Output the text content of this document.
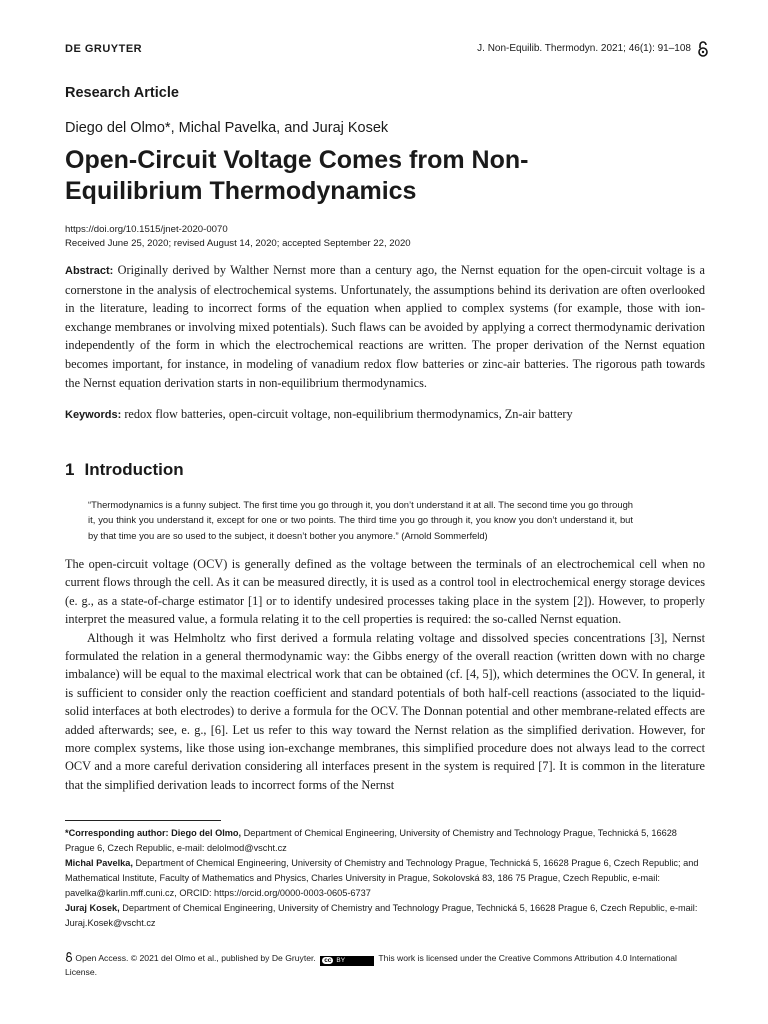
DE GRUYTER	J. Non-Equilib. Thermodyn. 2021; 46(1): 91–108
Research Article
Diego del Olmo*, Michal Pavelka, and Juraj Kosek
Open-Circuit Voltage Comes from Non-Equilibrium Thermodynamics
https://doi.org/10.1515/jnet-2020-0070
Received June 25, 2020; revised August 14, 2020; accepted September 22, 2020
Abstract: Originally derived by Walther Nernst more than a century ago, the Nernst equation for the open-circuit voltage is a cornerstone in the analysis of electrochemical systems. Unfortunately, the assumptions behind its derivation are often overlooked in the literature, leading to incorrect forms of the equation when applied to complex systems (for example, those with ion-exchange membranes or involving mixed potentials). Such flaws can be avoided by applying a correct thermodynamic derivation independently of the form in which the electrochemical reactions are written. The proper derivation of the Nernst equation becomes important, for instance, in modeling of vanadium redox flow batteries or zinc-air batteries. The rigorous path towards the Nernst equation derivation starts in non-equilibrium thermodynamics.
Keywords: redox flow batteries, open-circuit voltage, non-equilibrium thermodynamics, Zn-air battery
1 Introduction
“Thermodynamics is a funny subject. The first time you go through it, you don’t understand it at all. The second time you go through it, you think you understand it, except for one or two points. The third time you go through it, you know you don’t understand it, but by that time you are so used to the subject, it doesn’t bother you anymore.” (Arnold Sommerfeld)

The open-circuit voltage (OCV) is generally defined as the voltage between the terminals of an electrochemical cell when no current flows through the cell. As it can be measured directly, it is used as a control tool in electrochemical energy storage devices (e. g., as a state-of-charge estimator [1] or to identify undesired processes taking place in the system [2]). However, to properly interpret the measured value, a formula relating it to the cell properties is required: the so-called Nernst equation.

Although it was Helmholtz who first derived a formula relating voltage and dissolved species concentrations [3], Nernst formulated the relation in a general thermodynamic way: the Gibbs energy of the overall reaction (written down with no charge imbalance) will be equal to the maximal electrical work that can be obtained (cf. [4, 5]), which determines the OCV. In general, it is sufficient to consider only the reaction coefficient and standard potentials of both half-cell reactions (associated to the liquid-solid interfaces at both electrodes) to derive a formula for the OCV. The Donnan potential and other membrane-related effects are added afterwards; see, e. g., [6]. Let us refer to this way toward the Nernst relation as the simplified derivation. However, for more complex systems, like those using ion-exchange membranes, this simplified procedure does not always lead to the correct OCV and a more careful derivation considering all interfaces present in the system is required [7]. It is common in the literature that the simplified derivation leads to incorrect forms of the Nernst

*Corresponding author: Diego del Olmo, Department of Chemical Engineering, University of Chemistry and Technology Prague, Technická 5, 16628 Prague 6, Czech Republic, e-mail: delolmod@vscht.cz
Michal Pavelka, Department of Chemical Engineering, University of Chemistry and Technology Prague, Technická 5, 16628 Prague 6, Czech Republic; and Mathematical Institute, Faculty of Mathematics and Physics, Charles University in Prague, Sokolovská 83, 186 75 Prague, Czech Republic, e-mail: pavelka@karlin.mff.cuni.cz, ORCID: https://orcid.org/0000-0003-0605-6737
Juraj Kosek, Department of Chemical Engineering, University of Chemistry and Technology Prague, Technická 5, 16628 Prague 6, Czech Republic, e-mail: Juraj.Kosek@vscht.cz
Open Access. © 2021 del Olmo et al., published by De Gruyter. cc BY	This work is licensed under the Creative Commons Attribution 4.0 International License.
